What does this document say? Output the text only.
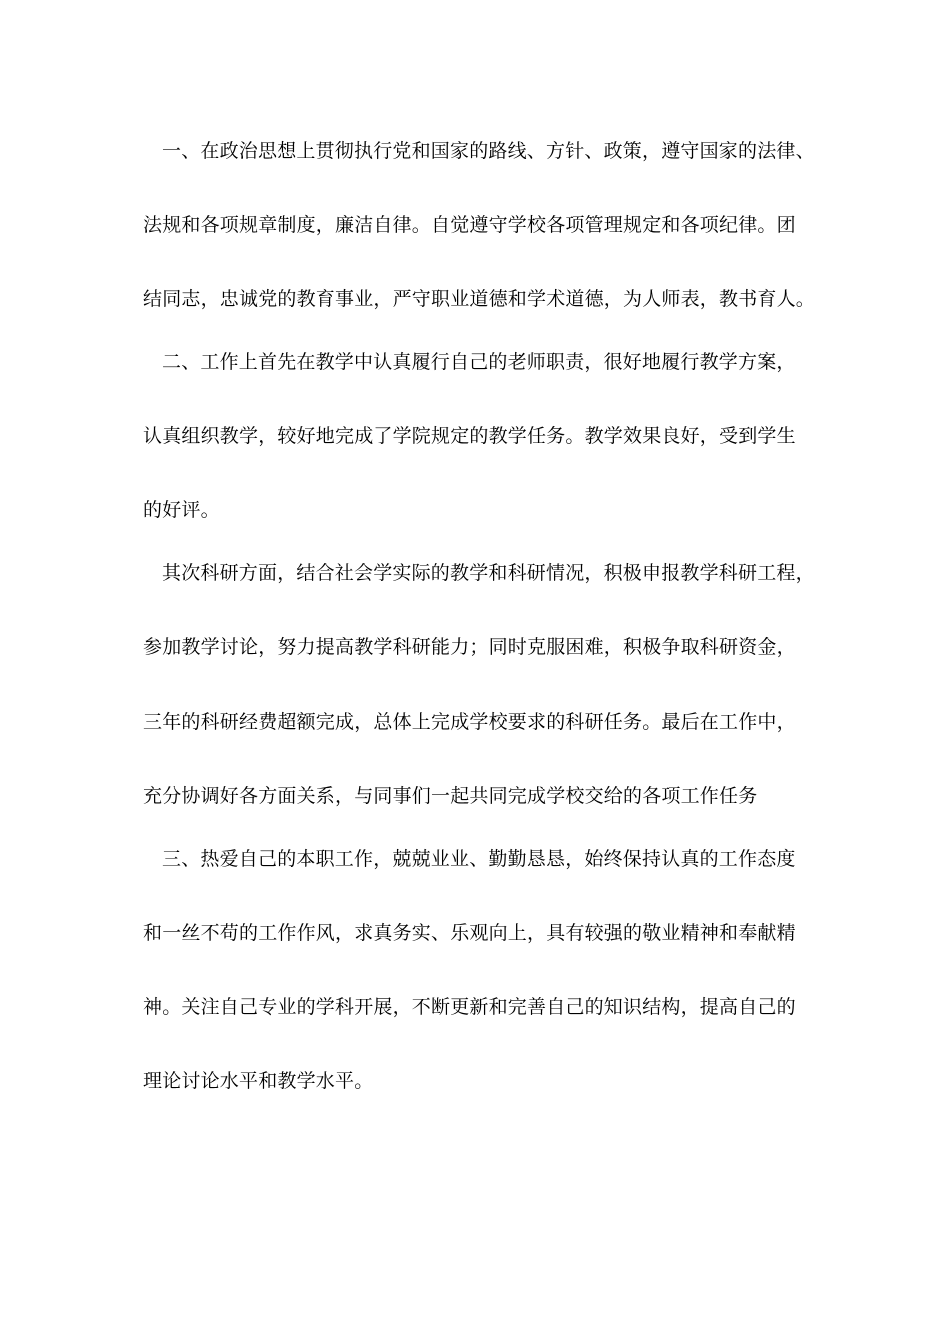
一、在政治思想上贯彻执行党和国家的路线、方针、政策，遵守国家的法律、
法规和各项规章制度，廉洁自律。自觉遵守学校各项管理规定和各项纪律。团
结同志，忠诚党的教育事业，严守职业道德和学术道德，为人师表，教书育人。
二、工作上首先在教学中认真履行自己的老师职责，很好地履行教学方案，
认真组织教学，较好地完成了学院规定的教学任务。教学效果良好，受到学生
的好评。
其次科研方面，结合社会学实际的教学和科研情况，积极申报教学科研工程，
参加教学讨论，努力提高教学科研能力；同时克服困难，积极争取科研资金，
三年的科研经费超额完成，总体上完成学校要求的科研任务。最后在工作中，
充分协调好各方面关系，与同事们一起共同完成学校交给的各项工作任务
三、热爱自己的本职工作，兢兢业业、勤勤恳恳，始终保持认真的工作态度
和一丝不苟的工作作风，求真务实、乐观向上，具有较强的敬业精神和奉献精
神。关注自己专业的学科开展，不断更新和完善自己的知识结构，提高自己的
理论讨论水平和教学水平。
